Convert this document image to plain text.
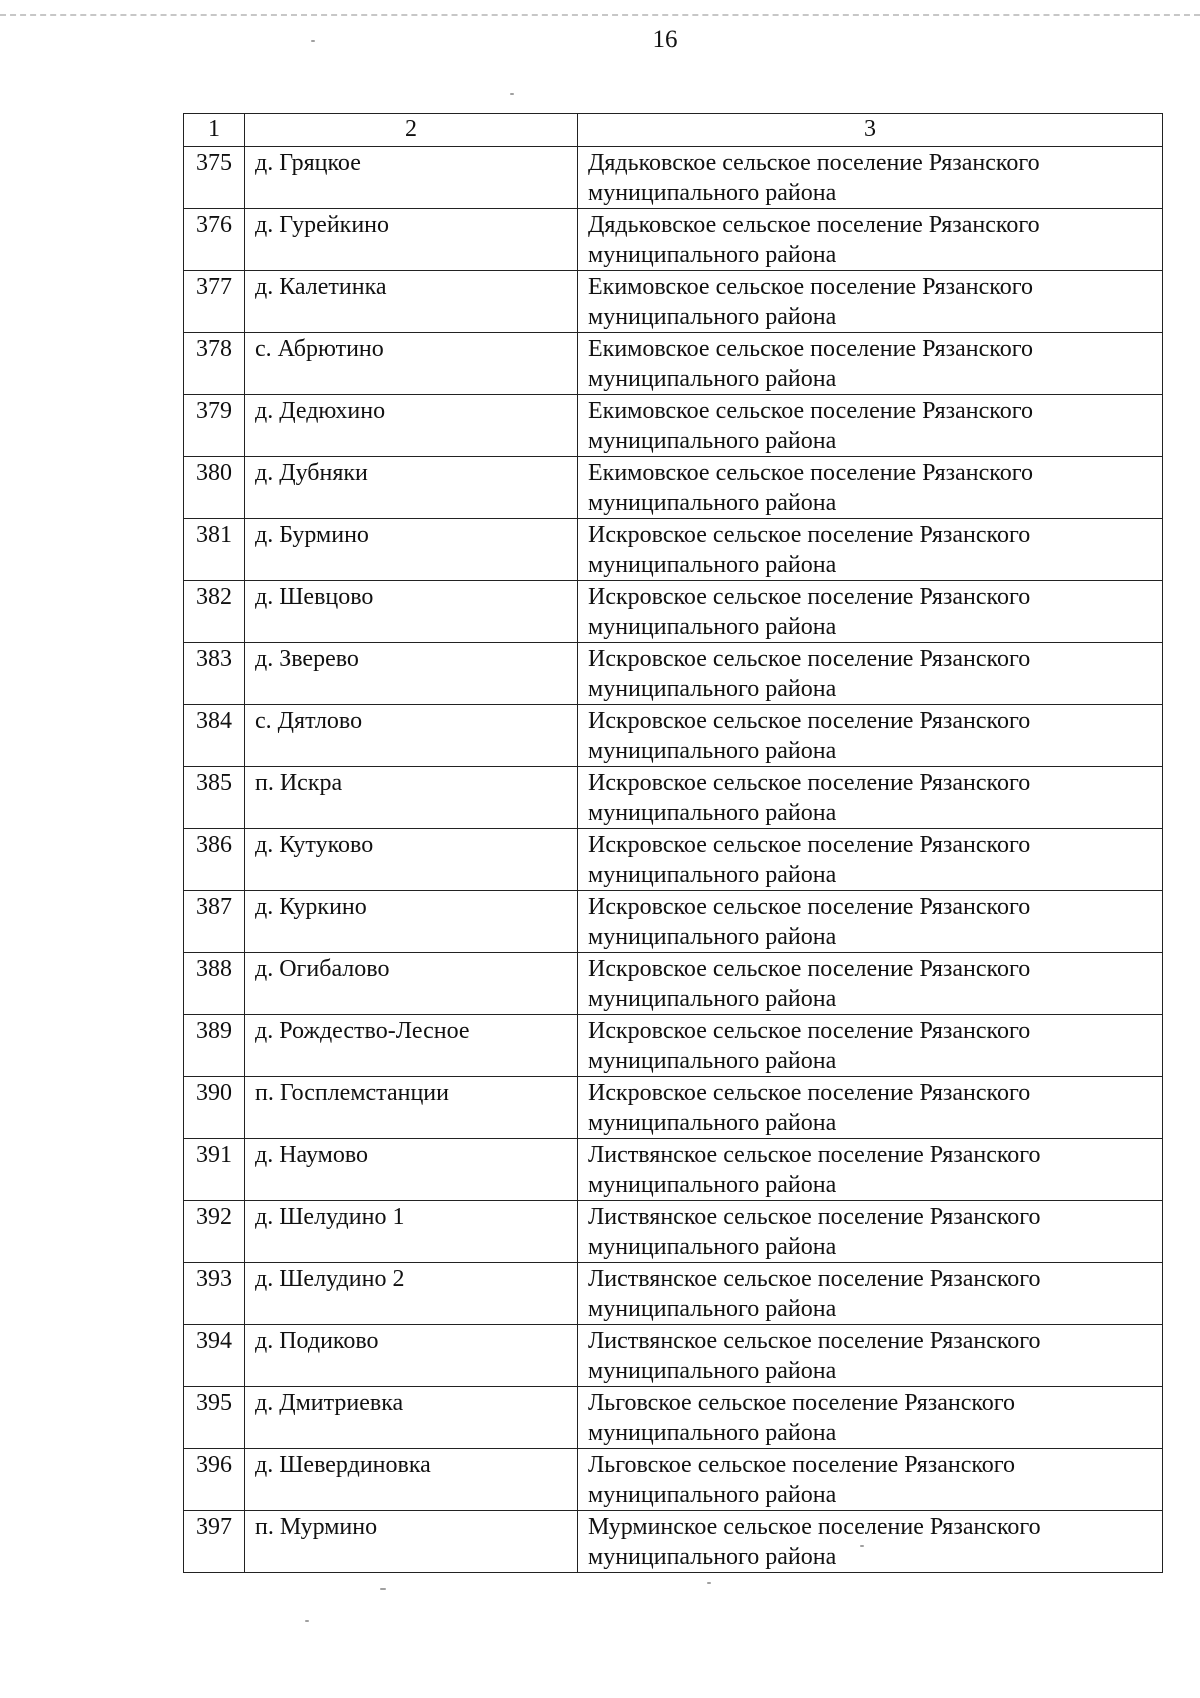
16
1	2	3
375	д. Гряцкое	Дядьковское сельское поселение Рязанского
муниципального района

376	д. Гурейкино	Дядьковское сельское поселение Рязанского
муниципального района

377	д. Калетинка	Екимовское сельское поселение Рязанского
муниципального района

378	с. Абрютино	Екимовское сельское поселение Рязанского
муниципального района

379	д. Дедюхино	Екимовское сельское поселение Рязанского
муниципального района

380	д. Дубняки	Екимовское сельское поселение Рязанского
муниципального района

381	д. Бурмино	Искровское сельское поселение Рязанского
муниципального района

382	д. Шевцово	Искровское сельское поселение Рязанского
муниципального района

383	д. Зверево	Искровское сельское поселение Рязанского
муниципального района

384	с. Дятлово	Искровское сельское поселение Рязанского
муниципального района

385	п. Искра	Искровское сельское поселение Рязанского
муниципального района

386	д. Кутуково	Искровское сельское поселение Рязанского
муниципального района

387	д. Куркино	Искровское сельское поселение Рязанского
муниципального района

388	д. Огибалово	Искровское сельское поселение Рязанского
муниципального района

389	д. Рождество-Лесное	Искровское сельское поселение Рязанского
муниципального района

390	п. Госплемстанции	Искровское сельское поселение Рязанского
муниципального района

391	д. Наумово	Листвянское сельское поселение Рязанского
муниципального района

392	д. Шелудино 1	Листвянское сельское поселение Рязанского
муниципального района

393	д. Шелудино 2	Листвянское сельское поселение Рязанского
муниципального района

394	д. Подиково	Листвянское сельское поселение Рязанского
муниципального района

395	д. Дмитриевка	Льговское сельское поселение Рязанского
муниципального района

396	д. Шевердиновка	Льговское сельское поселение Рязанского
муниципального района

397	п. Мурмино	Мурминское сельское поселение Рязанского
муниципального района
